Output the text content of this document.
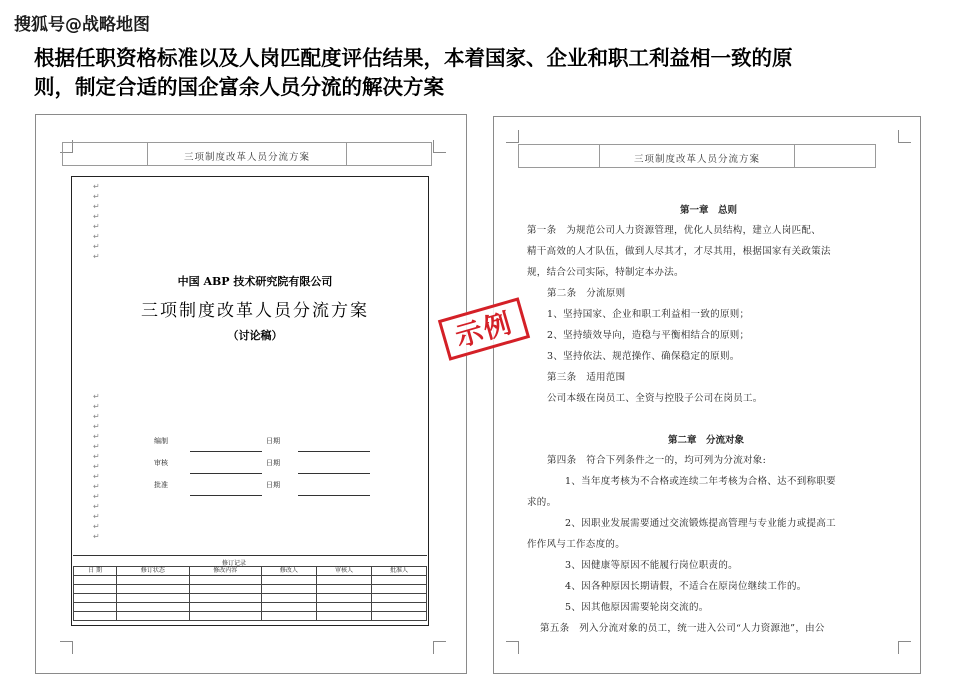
搜狐号@战略地图
根据任职资格标准以及人岗匹配度评估结果，本着国家、企业和职工利益相一致的原
则，制定合适的国企富余人员分流的解决方案
三项制度改革人员分流方案
↵
↵
↵
↵
↵
↵
↵
↵
中国 ABP 技术研究院有限公司
三项制度改革人员分流方案
（讨论稿）
↵
↵
↵
↵
↵
↵
↵
↵
↵
↵
↵
↵
↵
↵
↵
编制	日期
审核	日期
批准	日期
修订记录
日 期	修订状态	修改内容	修改人	审核人	批准人

三项制度改革人员分流方案
第一章　总则
第一条　为规范公司人力资源管理，优化人员结构，建立人岗匹配、
精干高效的人才队伍，做到人尽其才，才尽其用，根据国家有关政策法
规，结合公司实际，特制定本办法。
第二条　分流原则
1、坚持国家、企业和职工利益相一致的原则；
2、坚持绩效导向，造稳与平衡相结合的原则；
3、坚持依法、规范操作、确保稳定的原则。
第三条　适用范围
公司本级在岗员工、全资与控股子公司在岗员工。
第二章　分流对象
第四条　符合下列条件之一的，均可列为分流对象:
1、当年度考核为不合格或连续二年考核为合格、达不到称职要
求的。
2、因职业发展需要通过交流锻炼提高管理与专业能力或提高工
作作风与工作态度的。
3、因健康等原因不能履行岗位职责的。
4、因各种原因长期请假，不适合在原岗位继续工作的。
5、因其他原因需要轮岗交流的。
第五条　列入分流对象的员工，统一进入公司“人力资源池”，由公
示例
